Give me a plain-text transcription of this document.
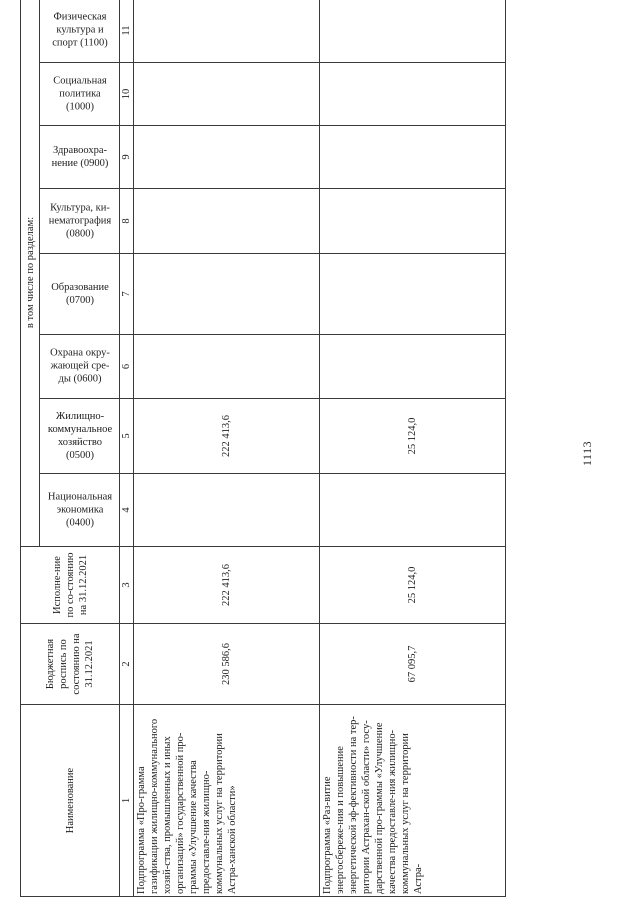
1113
Наименование	Бюджетная роспись по состоянию на 31.12.2021	Исполне-ние по со-стоянию на 31.12.2021	в том числе по разделам:	

			Национальная экономика (0400)	Жилищно-коммунальное хозяйство (0500)	Охрана окру-жающей сре-ды (0600)	Образование (0700)	Культура, ки-нематография (0800)	Здравоохра-нение (0900)	Социальная политика (1000)	Физическая культура и спорт (1100)	

1	2	3	4	5	6	7	8	9	10	11	
Подпрограмма «Про-грамма газификации жилищно-коммунального хозяй-ства, промышленных и иных организаций» государственной про-граммы «Улучшение качества предоставле-ния жилищно-коммунальных услуг на территории Астра-ханской области»	230 586,6	222 413,6		222 413,6							
Подпрограмма «Раз-витие энергосбереже-ния и повышение энергетической эф-фективности на тер-ритории Астрахан-ской области» госу-дарственной про-граммы «Улучшение качества предоставле-ния жилищно-коммунальных услуг на территории Астра-	67 095,7	25 124,0		25 124,0							
